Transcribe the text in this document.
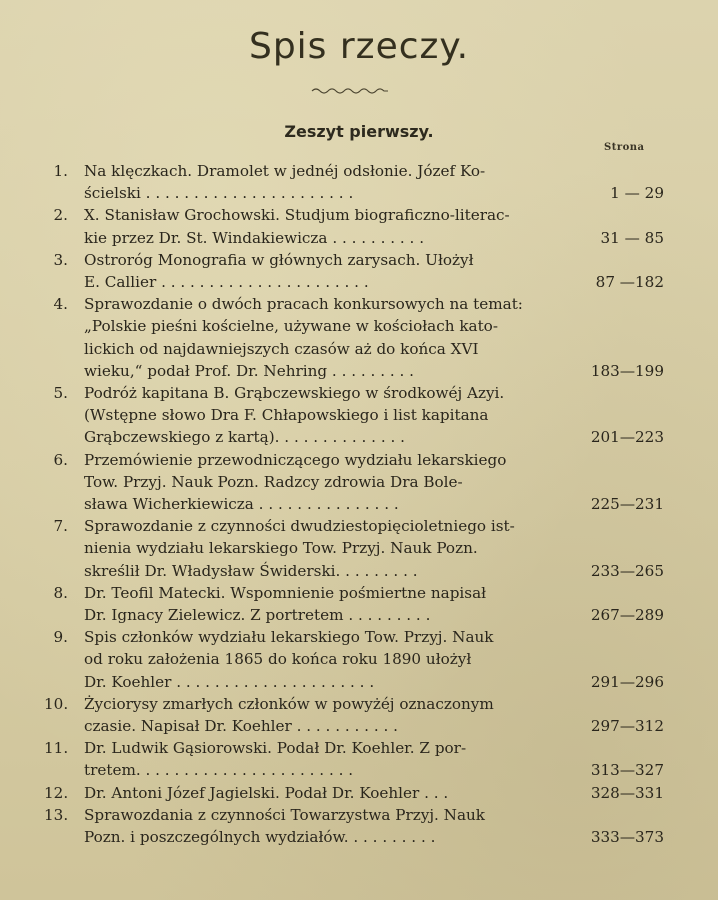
Spis rzeczy.
Zeszyt pierwszy.
Strona
1. Na klęczkach. Dramolet w jednéj odsłonie. Józef Ko-
ścielski . . . . . . . . . . . . . . . . . . . . . .	1 — 29
2. X. Stanisław Grochowski. Studjum biograficzno-literac-
kie przez Dr. St. Windakiewicza . . . . . . . . . .	31 — 85
3. Ostroróg Monografia w głównych zarysach. Ułożył
E. Callier . . . . . . . . . . . . . . . . . . . . . .	87 —182
4. Sprawozdanie o dwóch pracach konkursowych na temat:
„Polskie pieśni kościelne, używane w kościołach kato-
lickich od najdawniejszych czasów aż do końca XVI
wieku,“ podał Prof. Dr. Nehring . . . . . . . . .	183—199
5. Podróż kapitana B. Grąbczewskiego w środkowéj Azyi.
(Wstępne słowo Dra F. Chłapowskiego i list kapitana
Grąbczewskiego z kartą). . . . . . . . . . . . . .	201—223
6. Przemówienie przewodniczącego wydziału lekarskiego
Tow. Przyj. Nauk Pozn. Radzcy zdrowia Dra Bole-
sława Wicherkiewicza . . . . . . . . . . . . . . .	225—231
7. Sprawozdanie z czynności dwudziestopięcioletniego ist-
nienia wydziału lekarskiego Tow. Przyj. Nauk Pozn.
skreślił Dr. Władysław Świderski. . . . . . . . .	233—265
8. Dr. Teofil Matecki. Wspomnienie pośmiertne napisał
Dr. Ignacy Zielewicz. Z portretem . . . . . . . . .	267—289
9. Spis członków wydziału lekarskiego Tow. Przyj. Nauk
od roku założenia 1865 do końca roku 1890 ułożył
Dr. Koehler . . . . . . . . . . . . . . . . . . . . .	291—296
10. Życiorysy zmarłych członków w powyżéj oznaczonym
czasie. Napisał Dr. Koehler . . . . . . . . . . .	297—312
11. Dr. Ludwik Gąsiorowski. Podał Dr. Koehler. Z por-
tretem. . . . . . . . . . . . . . . . . . . . . . .	313—327
12. Dr. Antoni Józef Jagielski. Podał Dr. Koehler . . .	328—331
13. Sprawozdania z czynności Towarzystwa Przyj. Nauk
Pozn. i poszczególnych wydziałów. . . . . . . . . .	333—373
